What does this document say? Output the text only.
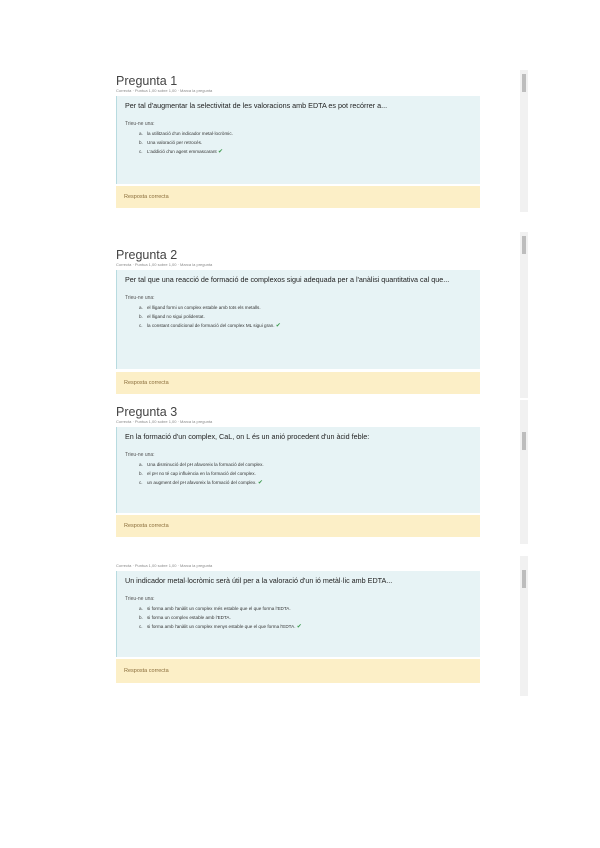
Pregunta 1
Correcta · Puntua 1,00 sobre 1,00 · Marca la pregunta
Per tal d'augmentar la selectivitat de les valoracions amb EDTA es pot recórrer a...
Trieu-ne una:
a. la utilització d'un indicador metal·locròmic.
b. Una valoració per retrocés.
c. L'addició d'un agent emmascarant ✔
Resposta correcta
Pregunta 2
Correcta · Puntua 1,00 sobre 1,00 · Marca la pregunta
Per tal que una reacció de formació de complexos sigui adequada per a l'anàlisi quantitativa cal que...
Trieu-ne una:
a. el lligand formi un complex estable amb tots els metalls.
b. el lligand no sigui polidentat.
c. la constant condicional de formació del complex ML sigui gran. ✔
Resposta correcta
Pregunta 3
Correcta · Puntua 1,00 sobre 1,00 · Marca la pregunta
En la formació d'un complex, CaL, on L és un anió procedent d'un àcid feble:
Trieu-ne una:
a. Una disminució del pH afavoreix la formació del complex.
b. el pH no té cap influència en la formació del complex.
c. un augment del pH afavoreix la formació del complex. ✔
Resposta correcta
Correcta · Puntua 1,00 sobre 1,00 · Marca la pregunta
Un indicador metal·locròmic serà útil per a la valoració d'un ió metàl·lic amb EDTA...
Trieu-ne una:
a. si forma amb l'anàlit un complex més estable que el que forma l'EDTA.
b. si forma un complex estable amb l'EDTA.
c. si forma amb l'anàlit un complex menys estable que el que forma l'EDTA. ✔
Resposta correcta
